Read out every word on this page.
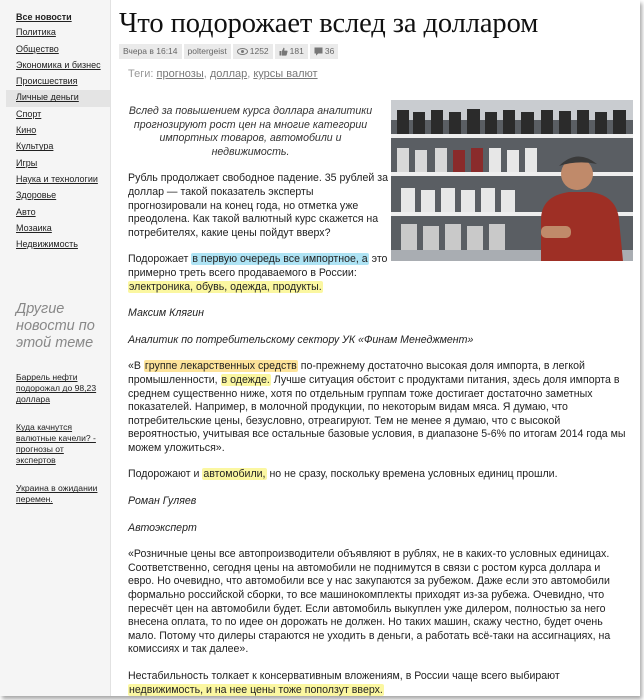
Все новости
Политика
Общество
Экономика и бизнес
Происшествия
Личные деньги
Спорт
Кино
Культура
Игры
Наука и технологии
Здоровье
Авто
Мозаика
Недвижимость
Другие новости по этой теме
Баррель нефти подорожал до 98,23 доллара
Куда качнутся валютные качели? - прогнозы от экспертов
Украина в ожидании перемен.
Что подорожает вслед за долларом
Вчера в 16:14	poltergeist	1252	181	36
Теги: прогнозы, доллар, курсы валют

Вслед за повышением курса доллара аналитики прогнозируют рост цен на многие категории импортных товаров, автомобили и недвижимость.

Рубль продолжает свободное падение. 35 рублей за доллар — такой показатель эксперты прогнозировали на конец года, но отметка уже преодолена. Как такой валютный курс скажется на потребителях, какие цены пойдут вверх?

Подорожает в первую очередь все импортное, а это примерно треть всего продаваемого в России: электроника, обувь, одежда, продукты.

Максим Клягин

Аналитик по потребительскому сектору УК «Финам Менеджмент»

«В группе лекарственных средств по-прежнему достаточно высокая доля импорта, в легкой промышленности, в одежде. Лучше ситуация обстоит с продуктами питания, здесь доля импорта в среднем существенно ниже, хотя по отдельным группам тоже достигает достаточно заметных показателей. Например, в молочной продукции, по некоторым видам мяса. Я думаю, что потребительские цены, безусловно, отреагируют. Тем не менее я думаю, что с высокой вероятностью, учитывая все остальные базовые условия, в диапазоне 5-6% по итогам 2014 года мы можем уложиться».

Подорожают и автомобили, но не сразу, поскольку времена условных единиц прошли.

Роман Гуляев

Автоэксперт

«Розничные цены все автопроизводители объявляют в рублях, не в каких-то условных единицах. Соответственно, сегодня цены на автомобили не поднимутся в связи с ростом курса доллара и евро. Но очевидно, что автомобили все у нас закупаются за рубежом. Даже если это автомобили формально российской сборки, то все машинокомплекты приходят из-за рубежа. Очевидно, что пересчёт цен на автомобили будет. Если автомобиль выкуплен уже дилером, полностью за него внесена оплата, то по идее он дорожать не должен. Но таких машин, скажу честно, будет очень мало. Потому что дилеры стараются не уходить в деньги, а работать всё-таки на ассигнациях, на комиссиях и так далее».

Нестабильность толкает к консервативным вложениям, в России чаще всего выбирают недвижимость, и на нее цены тоже поползут вверх.
